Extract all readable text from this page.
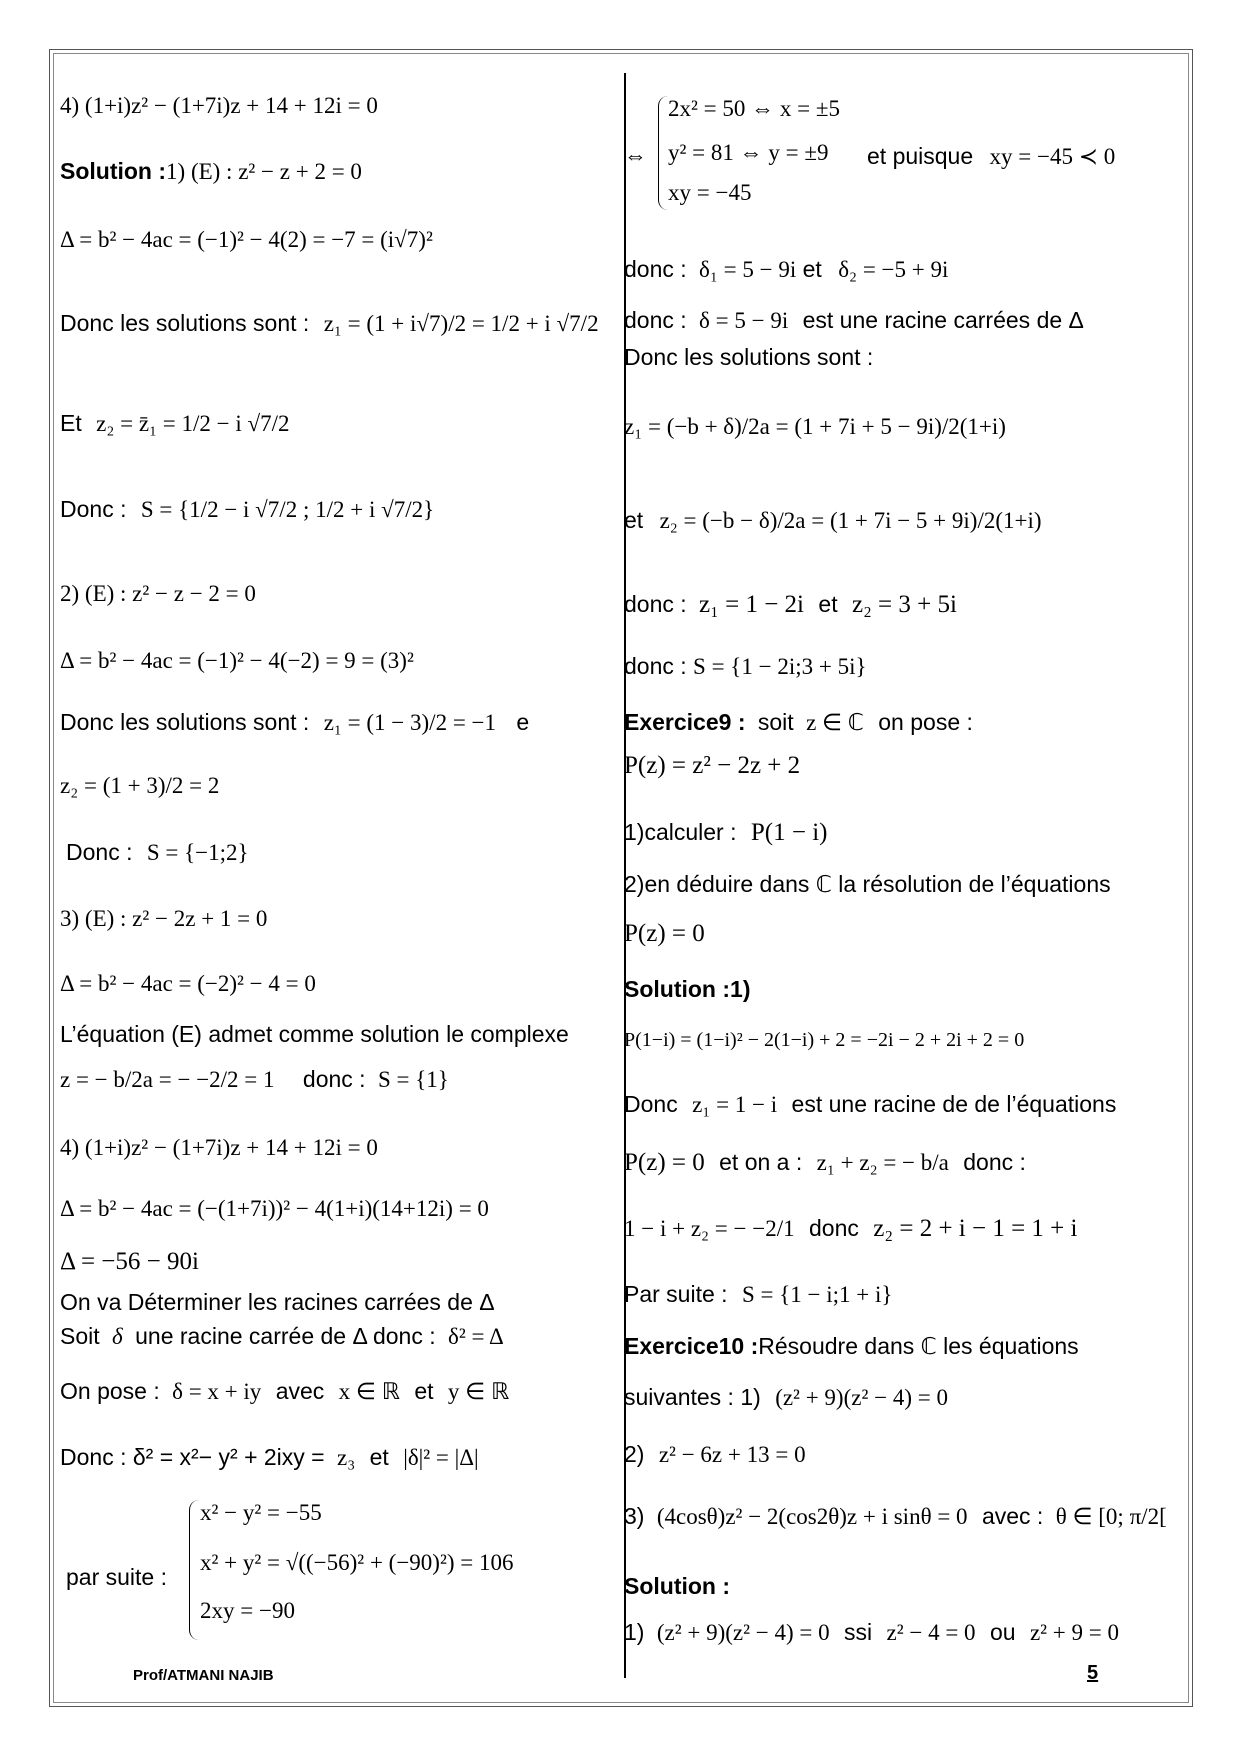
4) (1+i)z² − (1+7i)z + 14 + 12i = 0
Solution :1) (E) : z² − z + 2 = 0
Δ = b² − 4ac = (−1)² − 4(2) = −7 = (i√7)²
Donc les solutions sont : z₁ = (1 + i√7)/2 = 1/2 + i √7/2
Et z₂ = z̄₁ = 1/2 − i √7/2
Donc : S = {1/2 − i √7/2 ; 1/2 + i √7/2}
2) (E) : z² − z − 2 = 0
Δ = b² − 4ac = (−1)² − 4(−2) = 9 = (3)²
Donc les solutions sont : z₁ = (1 − 3)/2 = −1 e
z₂ = (1 + 3)/2 = 2
Donc : S = {−1;2}
3) (E) : z² − 2z + 1 = 0
Δ = b² − 4ac = (−2)² − 4 = 0
L’équation (E) admet comme solution le complexe
z = − b/2a = − −2/2 = 1 donc : S = {1}
4) (1+i)z² − (1+7i)z + 14 + 12i = 0
Δ = b² − 4ac = (−(1+7i))² − 4(1+i)(14+12i) = 0
Δ = −56 − 90i
On va Déterminer les racines carrées de Δ
Soit δ une racine carrée de Δ donc : δ² = Δ
On pose : δ = x + iy avec x ∈ ℝ et y ∈ ℝ
Donc : δ² = x²− y² + 2ixy = z₃ et |δ|² = |Δ|
par suite :
x² − y² = −55
x² + y² = √((−56)² + (−90)²) = 106
2xy = −90
⇔
2x² = 50 ⇔ x = ±5
y² = 81 ⇔ y = ±9
xy = −45
et puisque xy = −45 ≺ 0
donc : δ₁ = 5 − 9i et δ₂ = −5 + 9i
donc : δ = 5 − 9i est une racine carrées de Δ
Donc les solutions sont :
z₁ = (−b + δ)/2a = (1 + 7i + 5 − 9i)/2(1+i)
et z₂ = (−b − δ)/2a = (1 + 7i − 5 + 9i)/2(1+i)
donc : z₁ = 1 − 2i et z₂ = 3 + 5i
donc : S = {1 − 2i;3 + 5i}
Exercice9 : soit z ∈ ℂ on pose :
P(z) = z² − 2z + 2
1)calculer : P(1 − i)
2)en déduire dans ℂ la résolution de l’équations
P(z) = 0
Solution :1)
P(1−i) = (1−i)² − 2(1−i) + 2 = −2i − 2 + 2i + 2 = 0
Donc z₁ = 1 − i est une racine de de l’équations
P(z) = 0 et on a : z₁ + z₂ = − b/a donc :
1 − i + z₂ = − −2/1 donc z₂ = 2 + i − 1 = 1 + i
Par suite : S = {1 − i;1 + i}
Exercice10 :Résoudre dans ℂ les équations
suivantes : 1) (z² + 9)(z² − 4) = 0
2) z² − 6z + 13 = 0
3) (4cosθ)z² − 2(cos2θ)z + i sinθ = 0 avec : θ ∈ [0; π/2[
Solution :
1) (z² + 9)(z² − 4) = 0 ssi z² − 4 = 0 ou z² + 9 = 0
Prof/ATMANI NAJIB	5
